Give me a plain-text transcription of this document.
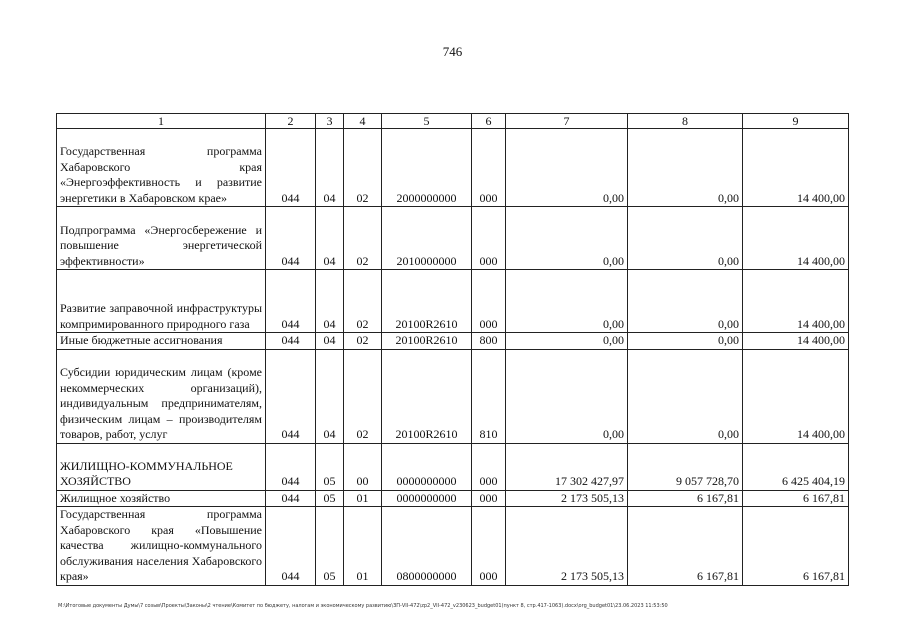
746
1	2	3	4	5	6	7	8	9
Государственная программа Хабаровского края «Энергоэффективность и развитие энергетики в Хабаровском крае»	044	04	02	2000000000	000	0,00	0,00	14 400,00
Подпрограмма «Энергосбережение и повышение энергетической эффективности»	044	04	02	2010000000	000	0,00	0,00	14 400,00
Развитие заправочной инфраструктуры компримированного природного газа	044	04	02	20100R2610	000	0,00	0,00	14 400,00
Иные бюджетные ассигнования	044	04	02	20100R2610	800	0,00	0,00	14 400,00
Субсидии юридическим лицам (кроме некоммерческих организаций), индивидуальным предпринимателям, физическим лицам – производителям товаров, работ, услуг	044	04	02	20100R2610	810	0,00	0,00	14 400,00
ЖИЛИЩНО-КОММУНАЛЬНОЕ ХОЗЯЙСТВО	044	05	00	0000000000	000	17 302 427,97	9 057 728,70	6 425 404,19
Жилищное хозяйство	044	05	01	0000000000	000	2 173 505,13	6 167,81	6 167,81
Государственная программа Хабаровского края «Повышение качества жилищно-коммунального обслуживания населения Хабаровского края»	044	05	01	0800000000	000	2 173 505,13	6 167,81	6 167,81
M:\Итоговые документы Думы\7 созыв\Проекты\Законы\2 чтение\Комитет по бюджету, налогам и экономическому развитию\ЗП-VII-472\zp2_VII-472_v230623_budget01(пункт 8, стр.417-1063).docx\org_budget01\23.06.2023 11:53:50
